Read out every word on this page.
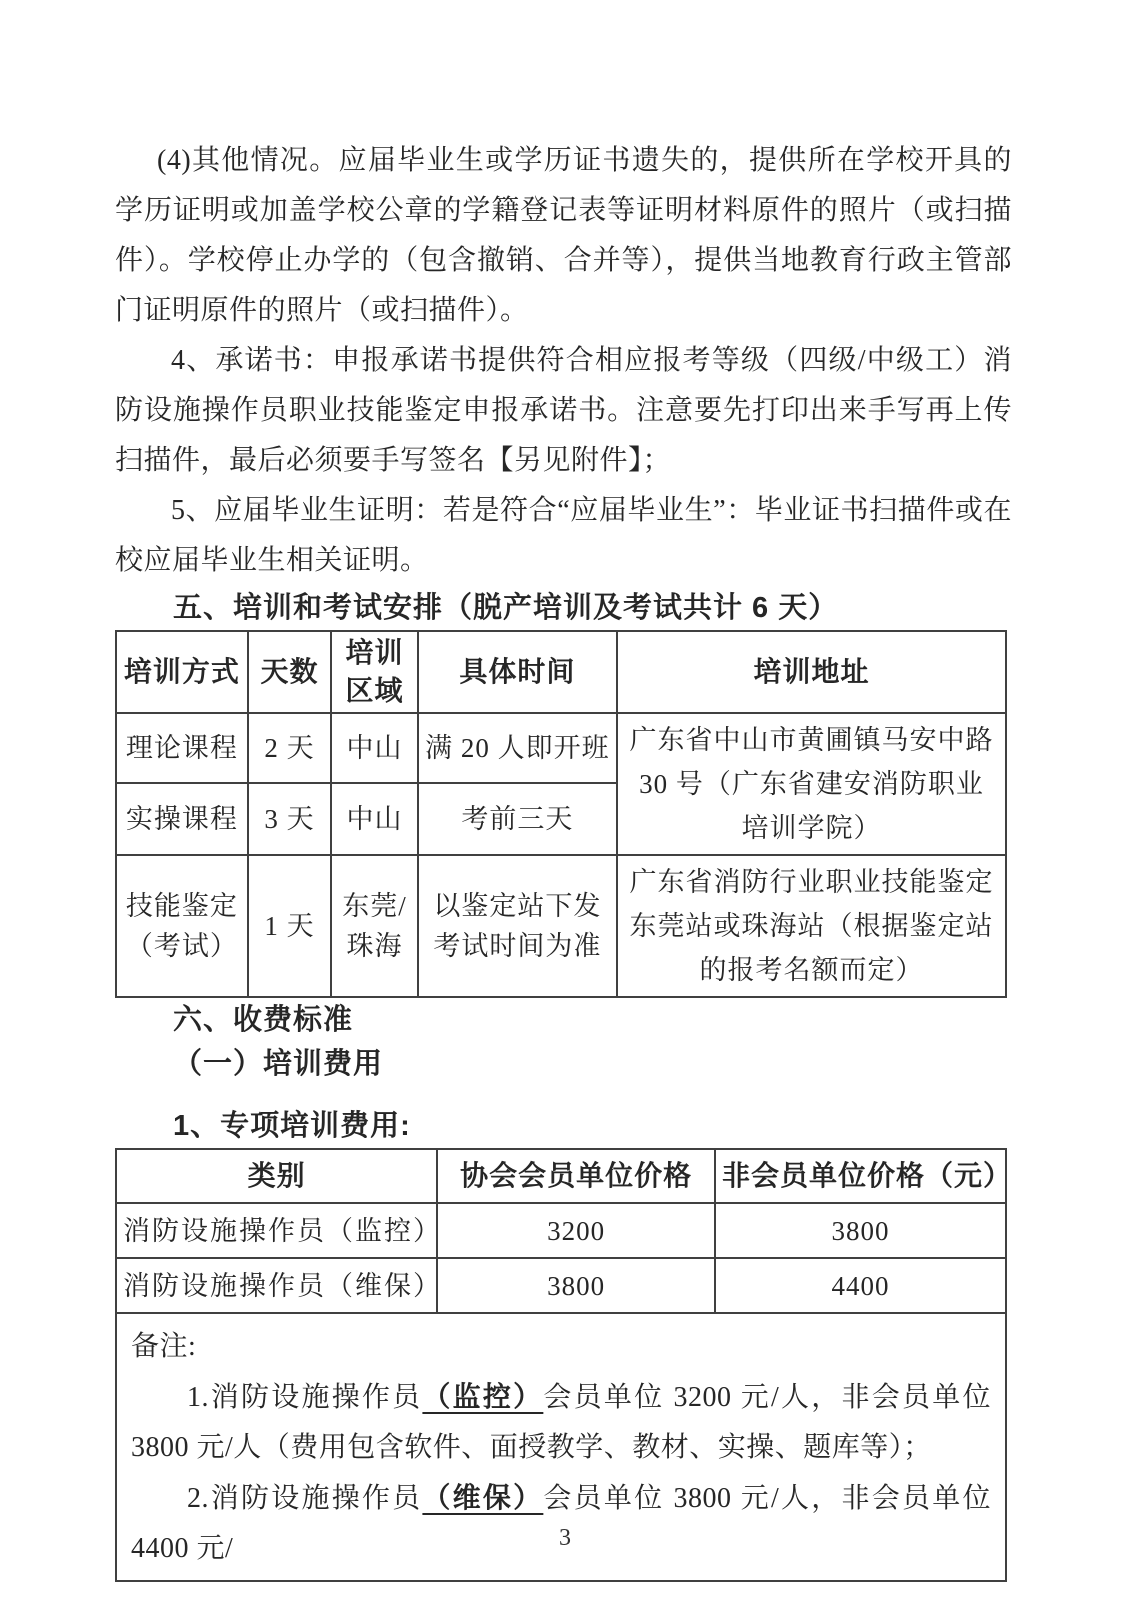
(4)其他情况。应届毕业生或学历证书遗失的，提供所在学校开具的学历证明或加盖学校公章的学籍登记表等证明材料原件的照片（或扫描件）。学校停止办学的（包含撤销、合并等），提供当地教育行政主管部门证明原件的照片（或扫描件）。

4、承诺书：申报承诺书提供符合相应报考等级（四级/中级工）消防设施操作员职业技能鉴定申报承诺书。注意要先打印出来手写再上传扫描件，最后必须要手写签名【另见附件】；

5、应届毕业生证明：若是符合“应届毕业生”：毕业证书扫描件或在校应届毕业生相关证明。

五、培训和考试安排（脱产培训及考试共计 6 天）
培训方式	天数	培训区域	具体时间	培训地址
理论课程	2 天	中山	满 20 人即开班	广东省中山市黄圃镇马安中路 30 号（广东省建安消防职业培训学院）
实操课程	3 天	中山	考前三天	
技能鉴定（考试）	1 天	东莞/珠海	以鉴定站下发考试时间为准	广东省消防行业职业技能鉴定东莞站或珠海站（根据鉴定站的报考名额而定）
六、收费标准
（一）培训费用
1、专项培训费用:
类别	协会会员单位价格	非会员单位价格（元）
消防设施操作员（监控）	3200	3800
消防设施操作员（维保）	3800	4400

备注:

1.消防设施操作员（监控）会员单位 3200 元/人，非会员单位 3800 元/人（费用包含软件、面授教学、教材、实操、题库等）；

2.消防设施操作员（维保）会员单位 3800 元/人，非会员单位 4400 元/	3
